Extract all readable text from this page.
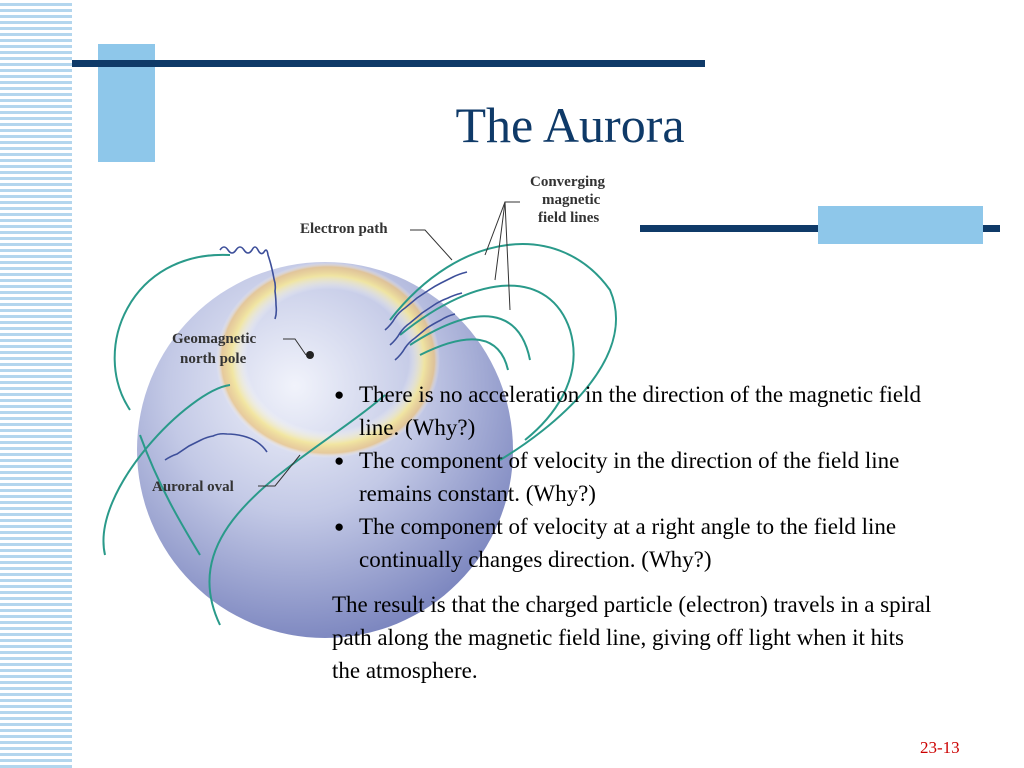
The Aurora
Converging
magnetic
field lines
Electron path
Geomagnetic
north pole
Auroral oval
● There is no acceleration in the direction of the magnetic field line. (Why?)
● The component of velocity in the direction of the field line remains constant. (Why?)
● The component of velocity at a right angle to the field line continually changes direction. (Why?)
The result is that the charged particle (electron) travels in a spiral path along the magnetic field line, giving off light when it hits the atmosphere.
23-13
